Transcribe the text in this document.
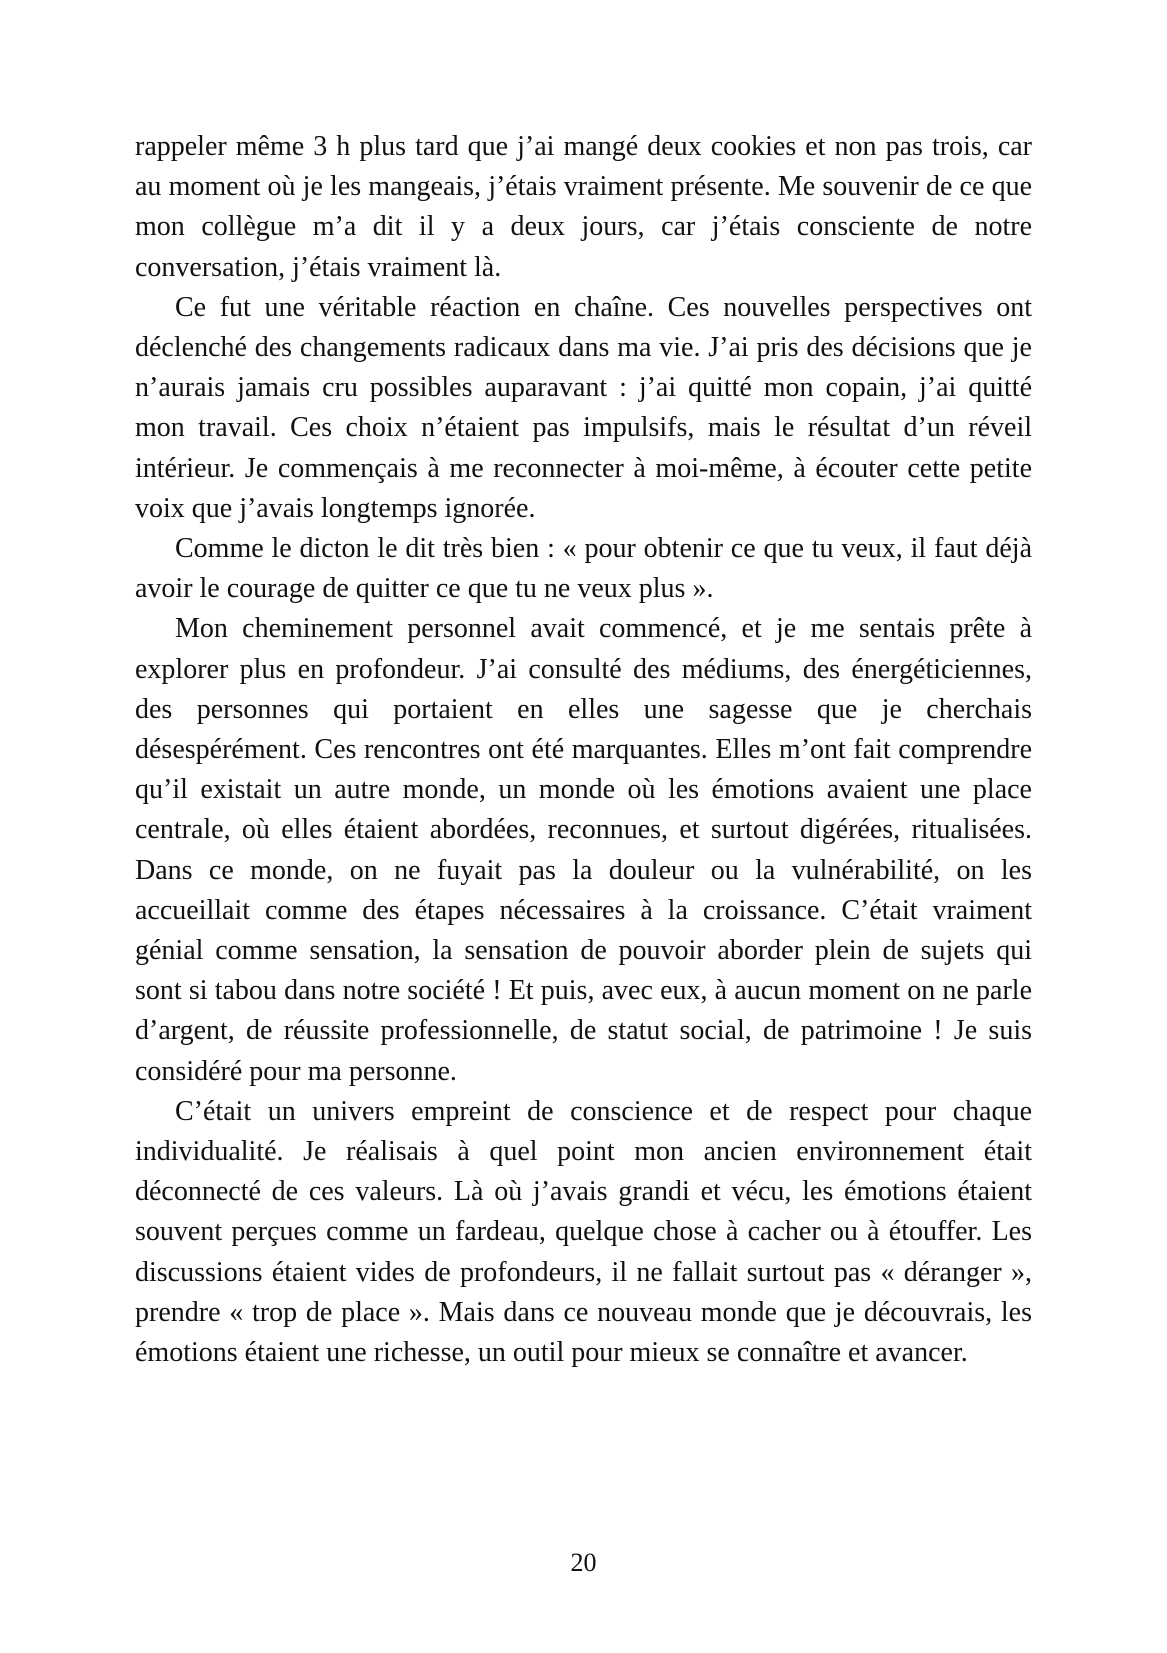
rappeler même 3 h plus tard que j’ai mangé deux cookies et non pas trois, car au moment où je les mangeais, j’étais vraiment présente. Me souvenir de ce que mon collègue m’a dit il y a deux jours, car j’étais consciente de notre conversation, j’étais vraiment là.

Ce fut une véritable réaction en chaîne. Ces nouvelles perspectives ont déclenché des changements radicaux dans ma vie. J’ai pris des décisions que je n’aurais jamais cru possibles auparavant : j’ai quitté mon copain, j’ai quitté mon travail. Ces choix n’étaient pas impulsifs, mais le résultat d’un réveil intérieur. Je commençais à me reconnecter à moi-même, à écouter cette petite voix que j’avais longtemps ignorée.

Comme le dicton le dit très bien : « pour obtenir ce que tu veux, il faut déjà avoir le courage de quitter ce que tu ne veux plus ».

Mon cheminement personnel avait commencé, et je me sentais prête à explorer plus en profondeur. J’ai consulté des médiums, des énergéticiennes, des personnes qui portaient en elles une sagesse que je cherchais désespérément. Ces rencontres ont été marquantes. Elles m’ont fait comprendre qu’il existait un autre monde, un monde où les émotions avaient une place centrale, où elles étaient abordées, reconnues, et surtout digérées, ritualisées. Dans ce monde, on ne fuyait pas la douleur ou la vulnérabilité, on les accueillait comme des étapes nécessaires à la croissance. C’était vraiment génial comme sensation, la sensation de pouvoir aborder plein de sujets qui sont si tabou dans notre société ! Et puis, avec eux, à aucun moment on ne parle d’argent, de réussite professionnelle, de statut social, de patrimoine ! Je suis considéré pour ma personne.

C’était un univers empreint de conscience et de respect pour chaque individualité. Je réalisais à quel point mon ancien environnement était déconnecté de ces valeurs. Là où j’avais grandi et vécu, les émotions étaient souvent perçues comme un fardeau, quelque chose à cacher ou à étouffer. Les discussions étaient vides de profondeurs, il ne fallait surtout pas « déranger », prendre « trop de place ». Mais dans ce nouveau monde que je découvrais, les émotions étaient une richesse, un outil pour mieux se connaître et avancer.

20
